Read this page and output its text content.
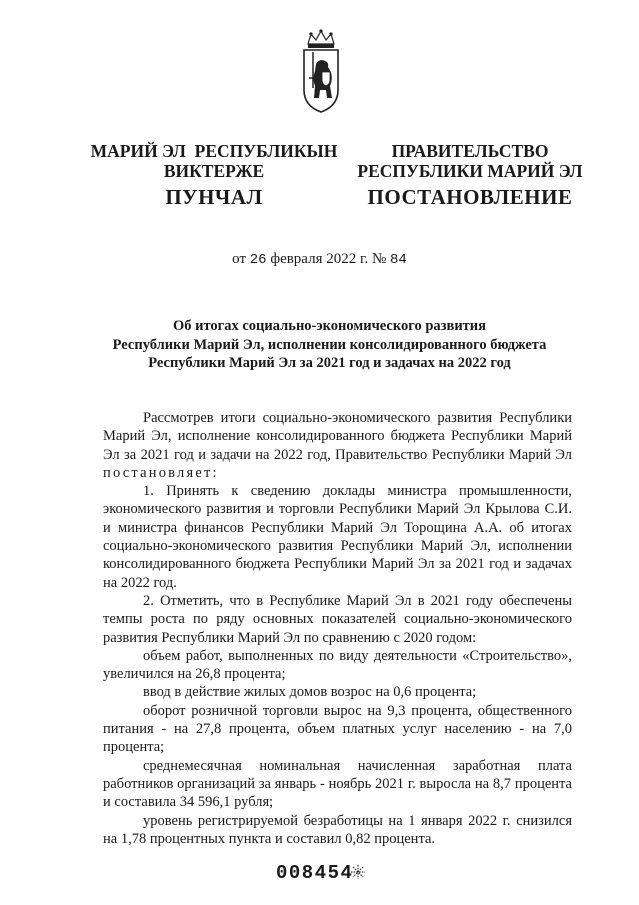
МАРИЙ ЭЛ  РЕСПУБЛИКЫН
ВИКТЕРЖЕ
ПРАВИТЕЛЬСТВО
РЕСПУБЛИКИ МАРИЙ ЭЛ
ПУНЧАЛ	ПОСТАНОВЛЕНИЕ
от 26 февраля 2022 г. № 84
Об итогах социально-экономического развития
Республики Марий Эл, исполнении консолидированного бюджета
Республики Марий Эл за 2021 год и задачах на 2022 год

Рассмотрев итоги социально-экономического развития Республики Марий Эл, исполнение консолидированного бюджета Республики Марий Эл за 2021 год и задачи на 2022 год, Правительство Республики Марий Эл постановляет:

1. Принять к сведению доклады министра промышленности, экономического развития и торговли Республики Марий Эл Крылова С.И. и министра финансов Республики Марий Эл Торощина А.А. об итогах социально-экономического развития Республики Марий Эл, исполнении консолидированного бюджета Республики Марий Эл за 2021 год и задачах на 2022 год.

2. Отметить, что в Республике Марий Эл в 2021 году обеспечены темпы роста по ряду основных показателей социально-экономического развития Республики Марий Эл по сравнению с 2020 годом:

объем работ, выполненных по виду деятельности «Строительство», увеличился на 26,8 процента;

ввод в действие жилых домов возрос на 0,6 процента;

оборот розничной торговли вырос на 9,3 процента, общественного питания - на 27,8 процента, объем платных услуг населению - на 7,0 процента;

среднемесячная номинальная начисленная заработная плата работников организаций за январь - ноябрь 2021 г. выросла на 8,7 процента и составила 34 596,1 рубля;

уровень регистрируемой безработицы на 1 января 2022 г. снизился на 1,78 процентных пункта и составил 0,82 процента.

008454
